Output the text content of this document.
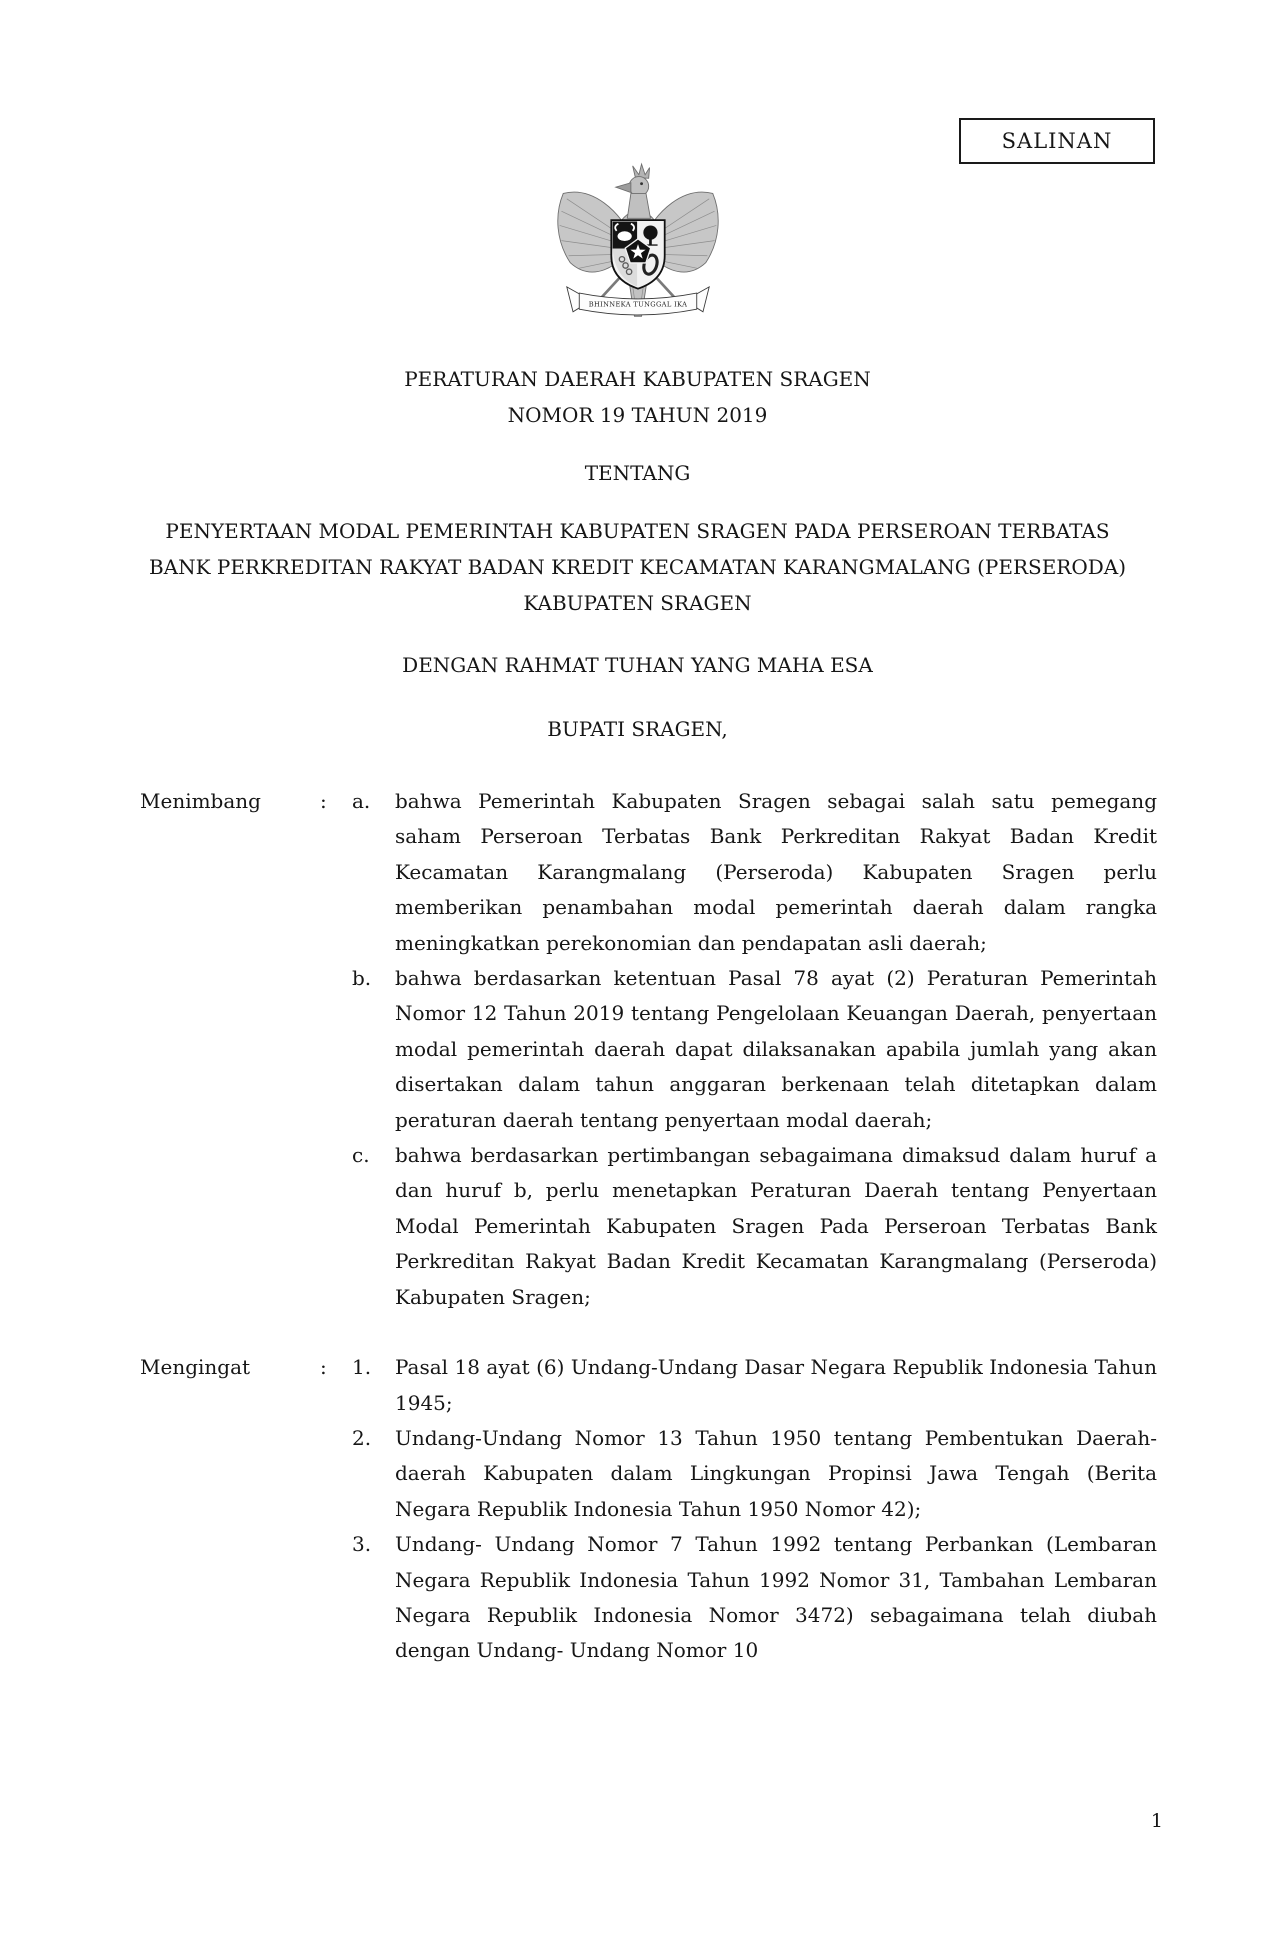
SALINAN
BHINNEKA TUNGGAL IKA
PERATURAN DAERAH KABUPATEN SRAGEN
NOMOR 19 TAHUN 2019
TENTANG
PENYERTAAN MODAL PEMERINTAH KABUPATEN SRAGEN PADA PERSEROAN TERBATAS BANK PERKREDITAN RAKYAT BADAN KREDIT KECAMATAN KARANGMALANG (PERSERODA) KABUPATEN SRAGEN
DENGAN RAHMAT TUHAN YANG MAHA ESA
BUPATI SRAGEN,
Menimbang	:	a.	bahwa Pemerintah Kabupaten Sragen sebagai salah satu pemegang saham Perseroan Terbatas Bank Perkreditan Rakyat Badan Kredit Kecamatan Karangmalang (Perseroda) Kabupaten Sragen perlu memberikan penambahan modal pemerintah daerah dalam rangka meningkatkan perekonomian dan pendapatan asli daerah;
b.	bahwa berdasarkan ketentuan Pasal 78 ayat (2) Peraturan Pemerintah Nomor 12 Tahun 2019 tentang Pengelolaan Keuangan Daerah, penyertaan modal pemerintah daerah dapat dilaksanakan apabila jumlah yang akan disertakan dalam tahun anggaran berkenaan telah ditetapkan dalam peraturan daerah tentang penyertaan modal daerah;
c.	bahwa berdasarkan pertimbangan sebagaimana dimaksud dalam huruf a dan huruf b, perlu menetapkan Peraturan Daerah tentang Penyertaan Modal Pemerintah Kabupaten Sragen Pada Perseroan Terbatas Bank Perkreditan Rakyat Badan Kredit Kecamatan Karangmalang (Perseroda) Kabupaten Sragen;
Mengingat	:	1.	Pasal 18 ayat (6) Undang-Undang Dasar Negara Republik Indonesia Tahun 1945;
2.	Undang-Undang Nomor 13 Tahun 1950 tentang Pembentukan Daerah-daerah Kabupaten dalam Lingkungan Propinsi Jawa Tengah (Berita Negara Republik Indonesia Tahun 1950 Nomor 42);
3.	Undang- Undang Nomor 7 Tahun 1992 tentang Perbankan (Lembaran Negara Republik Indonesia Tahun 1992 Nomor 31, Tambahan Lembaran Negara Republik Indonesia Nomor 3472) sebagaimana telah diubah dengan Undang- Undang Nomor 10
1
